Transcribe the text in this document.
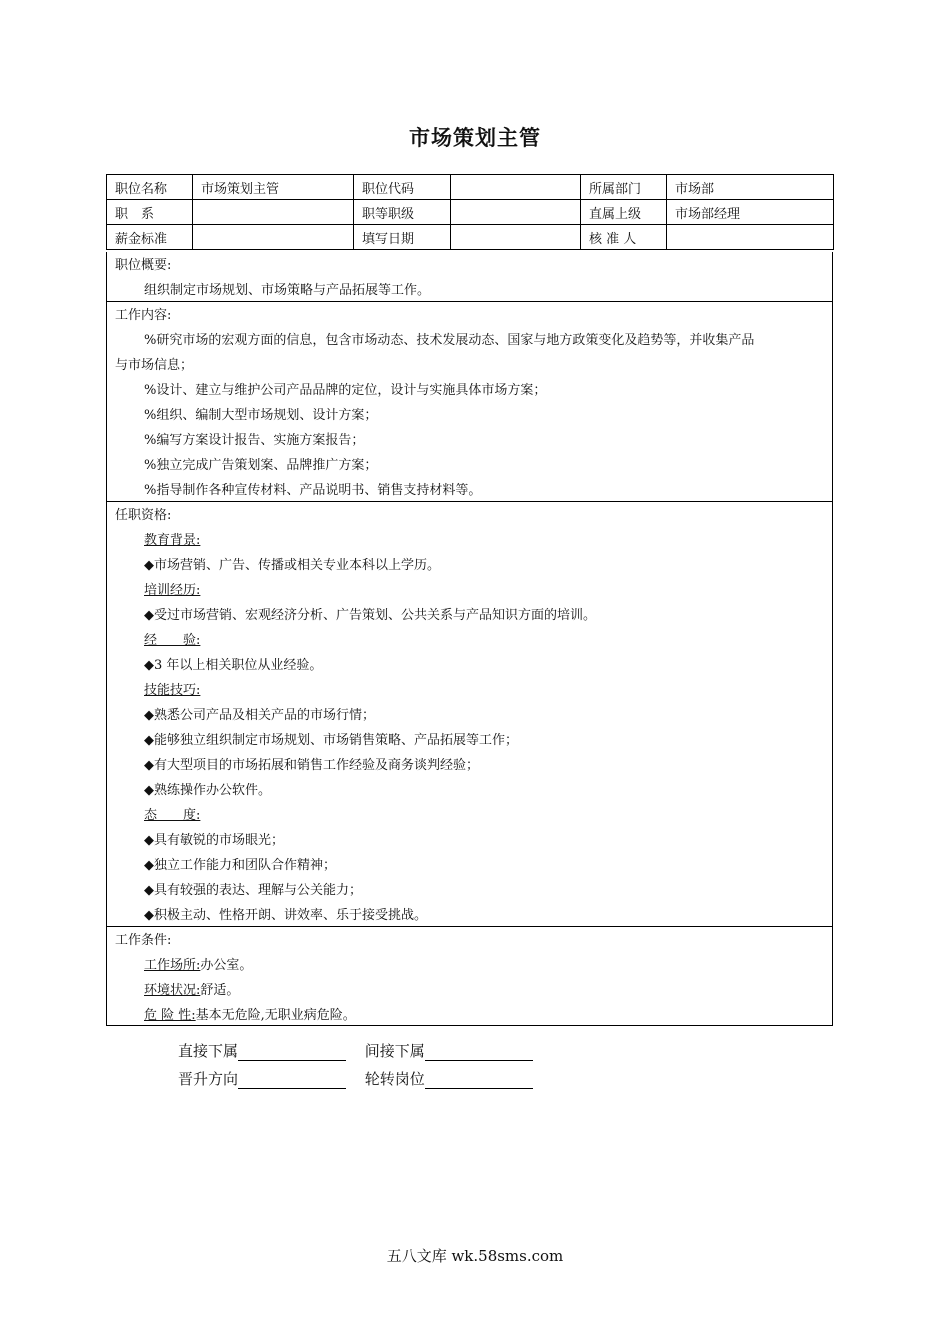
市场策划主管
职位名称	市场策划主管	职位代码		所属部门	市场部
职　系		职等职级		直属上级	市场部经理
薪金标准		填写日期		核 准 人	
职位概要:
组织制定市场规划、市场策略与产品拓展等工作。
工作内容:
%研究市场的宏观方面的信息，包含市场动态、技术发展动态、国家与地方政策变化及趋势等，并收集产品
与市场信息；
%设计、建立与维护公司产品品牌的定位，设计与实施具体市场方案；
%组织、编制大型市场规划、设计方案；
%编写方案设计报告、实施方案报告；
%独立完成广告策划案、品牌推广方案；
%指导制作各种宣传材料、产品说明书、销售支持材料等。
任职资格:
教育背景:
◆市场营销、广告、传播或相关专业本科以上学历。
培训经历:
◆受过市场营销、宏观经济分析、广告策划、公共关系与产品知识方面的培训。
经　　验:
◆3 年以上相关职位从业经验。
技能技巧:
◆熟悉公司产品及相关产品的市场行情；
◆能够独立组织制定市场规划、市场销售策略、产品拓展等工作；
◆有大型项目的市场拓展和销售工作经验及商务谈判经验；
◆熟练操作办公软件。
态　　度:
◆具有敏锐的市场眼光；
◆独立工作能力和团队合作精神；
◆具有较强的表达、理解与公关能力；
◆积极主动、性格开朗、讲效率、乐于接受挑战。
工作条件:
工作场所:办公室。
环境状况:舒适。
危 险 性:基本无危险,无职业病危险。
直接下属	间接下属
晋升方向	轮转岗位
五八文库 wk.58sms.com
